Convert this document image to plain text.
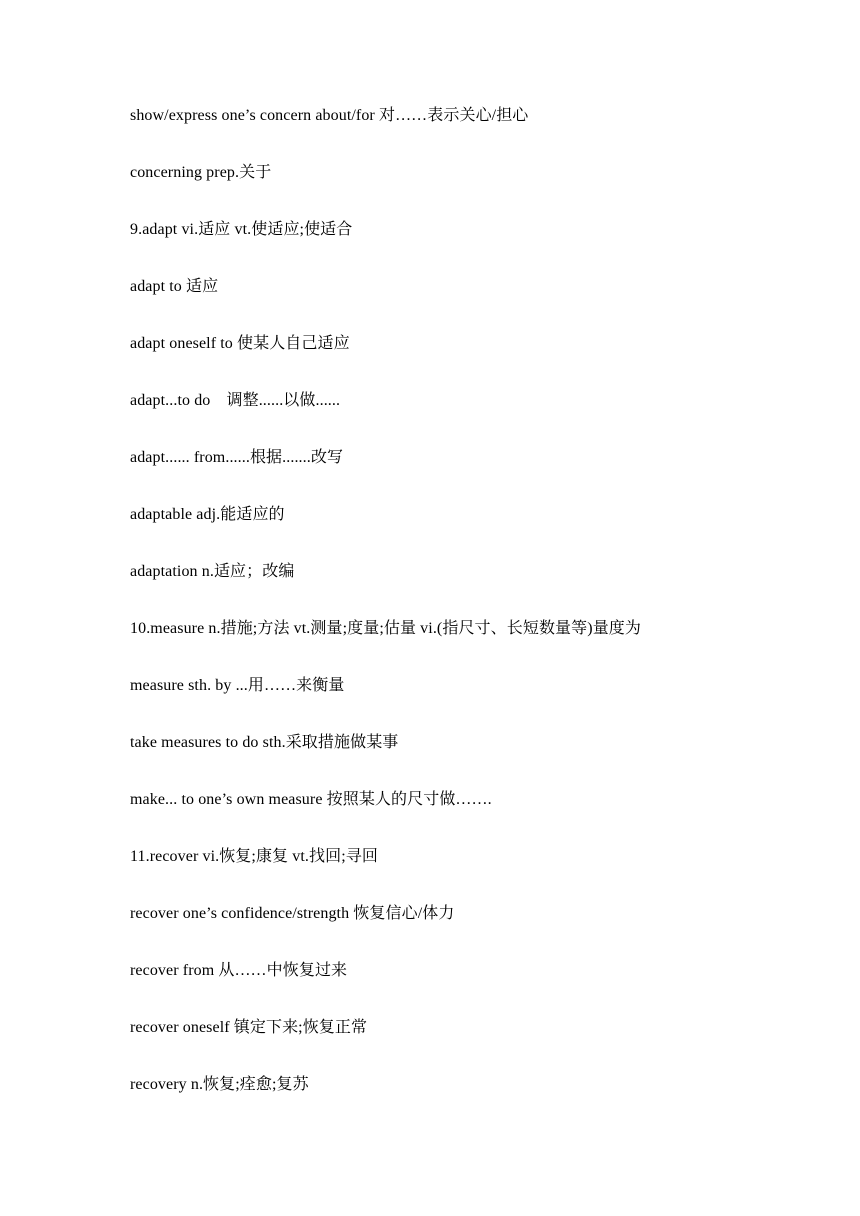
show/express one’s concern about/for 对……表示关心/担心
concerning prep.关于
9.adapt vi.适应 vt.使适应;使适合
adapt to 适应
adapt oneself to 使某人自己适应
adapt...to do　调整......以做......
adapt...... from......根据.......改写
adaptable adj.能适应的
adaptation n.适应；改编
10.measure n.措施;方法 vt.测量;度量;估量 vi.(指尺寸、长短数量等)量度为
measure sth. by ...用……来衡量
take measures to do sth.采取措施做某事
make... to one’s own measure 按照某人的尺寸做…….
11.recover vi.恢复;康复 vt.找回;寻回
recover one’s confidence/strength 恢复信心/体力
recover from 从……中恢复过来
recover oneself 镇定下来;恢复正常
recovery n.恢复;痊愈;复苏
